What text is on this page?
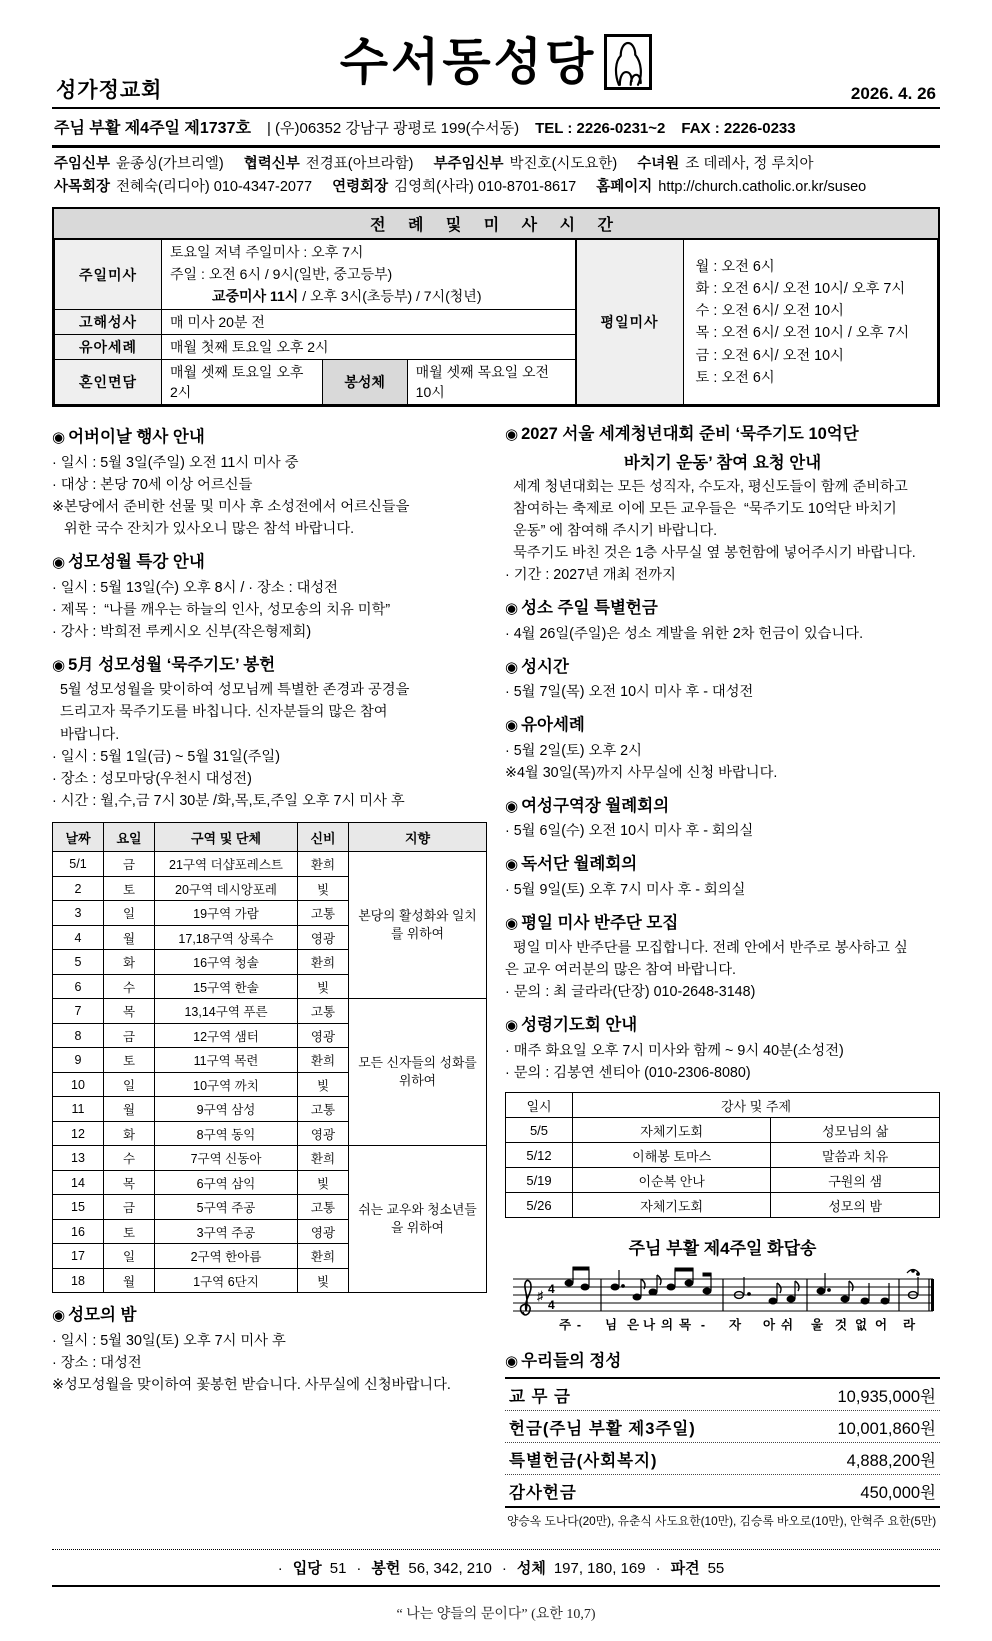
수서동성당
성가정교회	2026. 4. 26
주님 부활 제4주일 제1737호 | (우)06352 강남구 광평로 199(수서동) TEL : 2226-0231~2 FAX : 2226-0233
주임신부 윤종싱(가브리엘) 협력신부 전경표(아브라함) 부주임신부 박진호(시도요한) 수녀원 조 데레사, 정 루치아
사목회장 전혜숙(리디아) 010-4347-2077 연령회장 김영희(사라) 010-8701-8617 홈페이지 http://church.catholic.or.kr/suseo
전 례 및 미 사 시 간
주일미사	토요일 저녁 주일미사 : 오후 7시
주일 : 오전 6시 / 9시(일반, 중고등부)
교중미사 11시 / 오후 3시(초등부) / 7시(청년)		

고해성사	매 미사 20분 전		
유아세례	매월 첫째 토요일 오후 2시		
혼인면담	매월 셋째 토요일 오후 2시	봉성체	매월 셋째 목요일 오전 10시
평일미사	
월 : 오전 6시
화 : 오전 6시/ 오전 10시/ 오후 7시
수 : 오전 6시/ 오전 10시
목 : 오전 6시/ 오전 10시 / 오후 7시
금 : 오전 6시/ 오전 10시
토 : 오전 6시
◉ 어버이날 행사 안내
· 일시 : 5월 3일(주일) 오전 11시 미사 중
· 대상 : 본당 70세 이상 어르신들
※본당에서 준비한 선물 및 미사 후 소성전에서 어르신들을
위한 국수 잔치가 있사오니 많은 참석 바랍니다.
◉ 성모성월 특강 안내
· 일시 : 5월 13일(수) 오후 8시 / · 장소 : 대성전
· 제목 :  “나를 깨우는 하늘의 인사, 성모송의 치유 미학”
· 강사 : 박희전 루케시오 신부(작은형제회)
◉ 5月 성모성월 ‘묵주기도’ 봉헌
5월 성모성월을 맞이하여 성모님께 특별한 존경과 공경을
드리고자 묵주기도를 바칩니다. 신자분들의 많은 참여
바랍니다.
· 일시 : 5월 1일(금) ~ 5월 31일(주일)
· 장소 : 성모마당(우천시 대성전)
· 시간 : 월,수,금 7시 30분 /화,목,토,주일 오후 7시 미사 후
날짜	요일	구역 및 단체	신비	지향
5/1	금	21구역 더샵포레스트	환희	본당의 활성화와 일치를 위하여
2	토	20구역 데시앙포레	빛	
3	일	19구역 가람	고통	
4	월	17,18구역 상록수	영광	
5	화	16구역 청솔	환희	
6	수	15구역 한솔	빛	
7	목	13,14구역 푸른	고통	모든 신자들의 성화를 위하여
8	금	12구역 샘터	영광	
9	토	11구역 목련	환희	
10	일	10구역 까치	빛	
11	월	9구역 삼성	고통	
12	화	8구역 동익	영광	
13	수	7구역 신동아	환희	쉬는 교우와 청소년들을 위하여
14	목	6구역 삼익	빛	
15	금	5구역 주공	고통	
16	토	3구역 주공	영광	
17	일	2구역 한아름	환희	
18	월	1구역 6단지	빛	
◉ 성모의 밤
· 일시 : 5월 30일(토) 오후 7시 미사 후
· 장소 : 대성전
※성모성월을 맞이하여 꽃봉헌 받습니다. 사무실에 신청바랍니다.
◉ 2027 서울 세계청년대회 준비 ‘묵주기도 10억단
바치기 운동’ 참여 요청 안내
세계 청년대회는 모든 성직자, 수도자, 평신도들이 함께 준비하고
참여하는 축제로 이에 모든 교우들은  “묵주기도 10억단 바치기
운동” 에 참여해 주시기 바랍니다.
묵주기도 바친 것은 1층 사무실 옆 봉헌함에 넣어주시기 바랍니다.
· 기간 : 2027년 개최 전까지
◉ 성소 주일 특별헌금
· 4월 26일(주일)은 성소 계발을 위한 2차 헌금이 있습니다.
◉ 성시간
· 5월 7일(목) 오전 10시 미사 후 - 대성전
◉ 유아세례
· 5월 2일(토) 오후 2시
※4월 30일(목)까지 사무실에 신청 바랍니다.
◉ 여성구역장 월례회의
· 5월 6일(수) 오전 10시 미사 후 - 회의실
◉ 독서단 월례회의
· 5월 9일(토) 오후 7시 미사 후 - 회의실
◉ 평일 미사 반주단 모집
평일 미사 반주단를 모집합니다. 전례 안에서 반주로 봉사하고 싶
은 교우 여러분의 많은 참여 바랍니다.
· 문의 : 최 글라라(단장) 010-2648-3148)
◉ 성령기도회 안내
· 매주 화요일 오후 7시 미사와 함께 ~ 9시 40분(소성전)
· 문의 : 김봉연 센티아 (010-2306-8080)
일시	강사 및 주제	
5/5	자체기도회	성모님의 삶
5/12	이해봉 토마스	말씀과 치유
5/19	이순복 안나	구원의 샘
5/26	자체기도회	성모의 밤
주님 부활 제4주일 화답송
♯ 4
4
주 - 님 은 나 의 목 - 자 아 쉬 울 것 없 어 라
◉ 우리들의 정성
교 무 금	10,935,000원
헌금(주님 부활 제3주일)	10,001,860원
특별헌금(사회복지)	4,888,200원
감사헌금	450,000원
양승옥 도나다(20만), 유춘식 사도요한(10만), 김승록 바오로(10만), 안혁주 요한(5만)
· 입당 51 · 봉헌 56, 342, 210 · 성체 197, 180, 169 · 파견 55
“ 나는 양들의 문이다” (요한 10,7)
